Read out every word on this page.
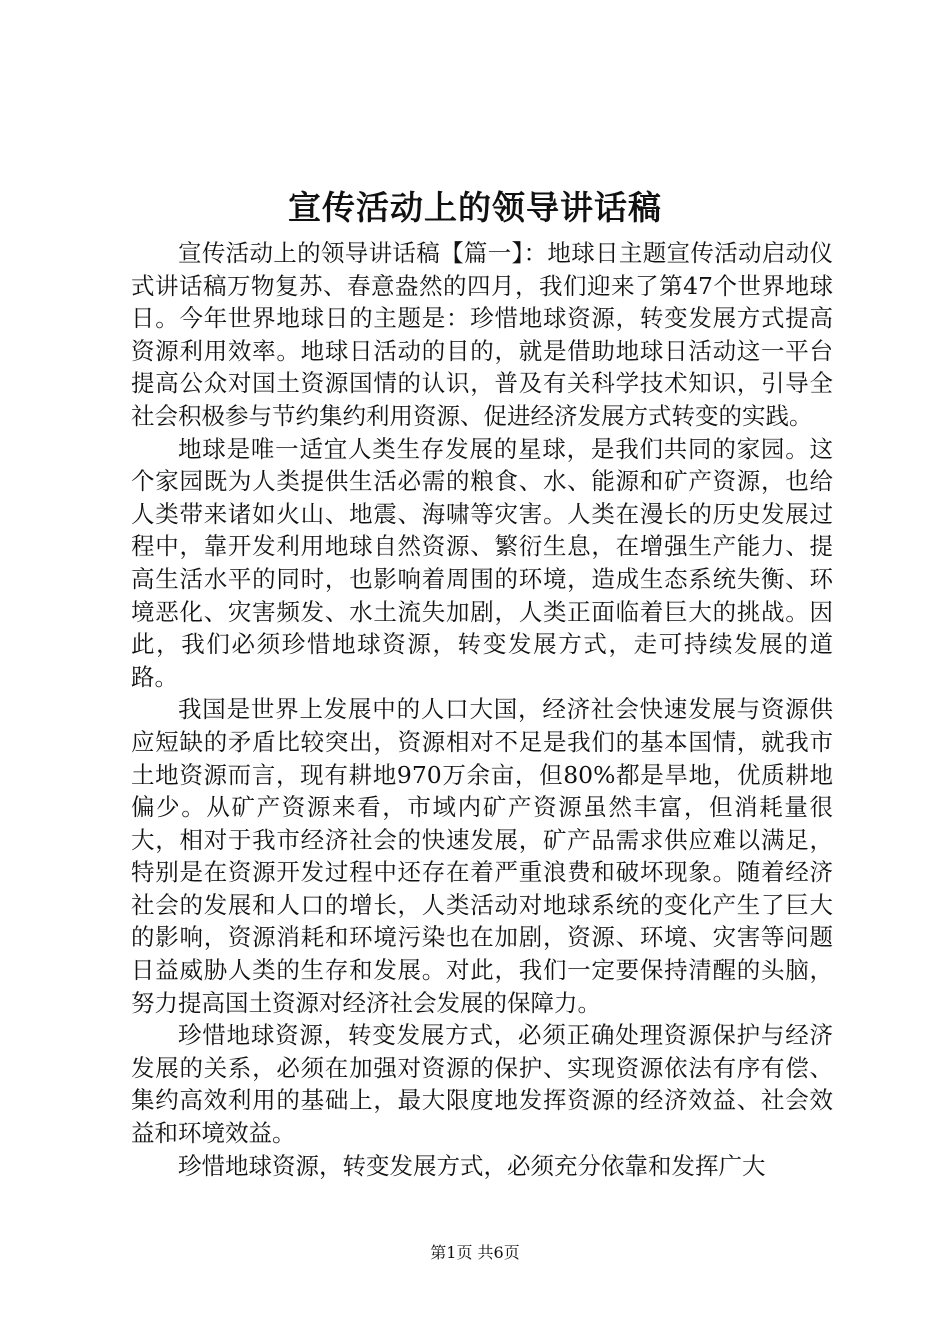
宣传活动上的领导讲话稿

宣传活动上的领导讲话稿【篇一】：地球日主题宣传活动启动仪式讲话稿万物复苏、春意盎然的四月，我们迎来了第47个世界地球日。今年世界地球日的主题是：珍惜地球资源，转变发展方式提高资源利用效率。地球日活动的目的，就是借助地球日活动这一平台提高公众对国土资源国情的认识，普及有关科学技术知识，引导全社会积极参与节约集约利用资源、促进经济发展方式转变的实践。

地球是唯一适宜人类生存发展的星球，是我们共同的家园。这个家园既为人类提供生活必需的粮食、水、能源和矿产资源，也给人类带来诸如火山、地震、海啸等灾害。人类在漫长的历史发展过程中，靠开发利用地球自然资源、繁衍生息，在增强生产能力、提高生活水平的同时，也影响着周围的环境，造成生态系统失衡、环境恶化、灾害频发、水土流失加剧，人类正面临着巨大的挑战。因此，我们必须珍惜地球资源，转变发展方式，走可持续发展的道路。

我国是世界上发展中的人口大国，经济社会快速发展与资源供应短缺的矛盾比较突出，资源相对不足是我们的基本国情，就我市土地资源而言，现有耕地970万余亩，但80%都是旱地，优质耕地偏少。从矿产资源来看，市域内矿产资源虽然丰富，但消耗量很大，相对于我市经济社会的快速发展，矿产品需求供应难以满足，特别是在资源开发过程中还存在着严重浪费和破坏现象。随着经济社会的发展和人口的增长，人类活动对地球系统的变化产生了巨大的影响，资源消耗和环境污染也在加剧，资源、环境、灾害等问题日益威胁人类的生存和发展。对此，我们一定要保持清醒的头脑，努力提高国土资源对经济社会发展的保障力。

珍惜地球资源，转变发展方式，必须正确处理资源保护与经济发展的关系，必须在加强对资源的保护、实现资源依法有序有偿、集约高效利用的基础上，最大限度地发挥资源的经济效益、社会效益和环境效益。

珍惜地球资源，转变发展方式，必须充分依靠和发挥广大

第1页 共6页
